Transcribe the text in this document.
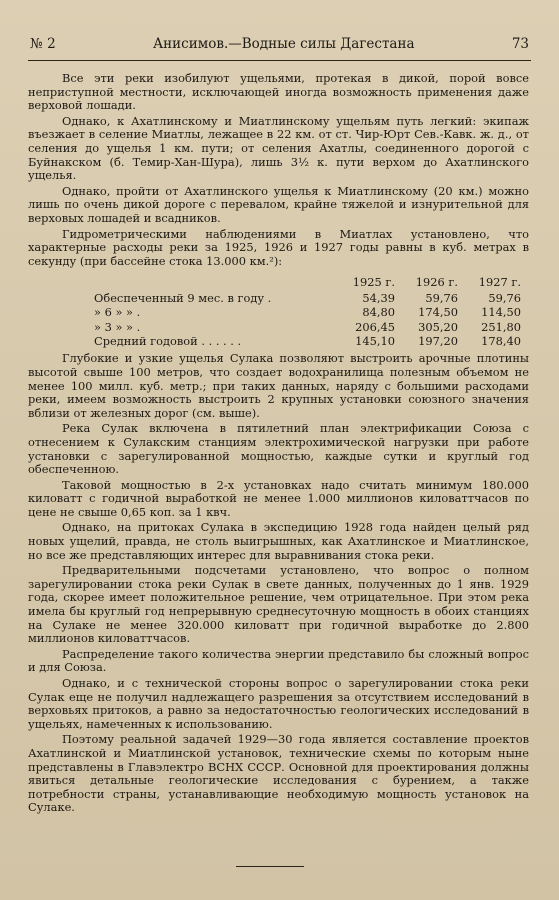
№ 2	Анисимов.—Водные силы Дагестана	73

Все эти реки изобилуют ущельями, протекая в дикой, порой вовсе неприступной местности, исключающей иногда возможность применения даже верховой лошади.

Однако, к Ахатлинскому и Миатлинскому ущельям путь легкий: экипаж въезжает в селение Миатлы, лежащее в 22 км. от ст. Чир-Юрт Сев.-Кавк. ж. д., от селения до ущелья 1 км. пути; от селения Ахатлы, соединенного дорогой с Буйнакском (б. Темир-Хан-Шура), лишь 3½ к. пути верхом до Ахатлинского ущелья.

Однако, пройти от Ахатлинского ущелья к Миатлинскому (20 км.) можно лишь по очень дикой дороге с перевалом, крайне тяжелой и изнурительной для верховых лошадей и всадников.

Гидрометрическими наблюдениями в Миатлах установлено, что характерные расходы реки за 1925, 1926 и 1927 годы равны в куб. метрах в секунду (при бассейне стока 13.000 км.²):

	1925 г.	1926 г.	1927 г.
Обеспеченный 9 мес. в году .	54,39	59,76	59,76
» 6 » » .	84,80	174,50	114,50
» 3 » » .	206,45	305,20	251,80
Средний годовой . . . . . .	145,10	197,20	178,40

Глубокие и узкие ущелья Сулака позволяют выстроить арочные плотины высотой свыше 100 метров, что создает водохранилища полезным объемом не менее 100 милл. куб. метр.; при таких данных, наряду с большими расходами реки, имеем возможность выстроить 2 крупных установки союзного значения вблизи от железных дорог (см. выше).

Река Сулак включена в пятилетний план электрификации Союза с отнесением к Сулакским станциям электрохимической нагрузки при работе установки с зарегулированной мощностью, каждые сутки и круглый год обеспеченною.

Таковой мощностью в 2-х установках надо считать минимум 180.000 киловатт с годичной выработкой не менее 1.000 миллионов киловаттчасов по цене не свыше 0,65 коп. за 1 квч.

Однако, на притоках Сулака в экспедицию 1928 года найден целый ряд новых ущелий, правда, не столь выигрышных, как Ахатлинское и Миатлинское, но все же представляющих интерес для выравнивания стока реки.

Предварительными подсчетами установлено, что вопрос о полном зарегулировании стока реки Сулак в свете данных, полученных до 1 янв. 1929 года, скорее имеет положительное решение, чем отрицательное. При этом река имела бы круглый год непрерывную среднесуточную мощность в обоих станциях на Сулаке не менее 320.000 киловатт при годичной выработке до 2.800 миллионов киловаттчасов.

Распределение такого количества энергии представило бы сложный вопрос и для Союза.

Однако, и с технической стороны вопрос о зарегулировании стока реки Сулак еще не получил надлежащего разрешения за отсутствием исследований в верховьях притоков, а равно за недостаточностью геологических исследований в ущельях, намеченных к использованию.

Поэтому реальной задачей 1929—30 года является составление проектов Ахатлинской и Миатлинской установок, технические схемы по которым ныне представлены в Главэлектро ВСНХ СССР. Основной для проектирования должны явиться детальные геологические исследования с бурением, а также потребности страны, устанавливающие необходимую мощность установок на Сулаке.
